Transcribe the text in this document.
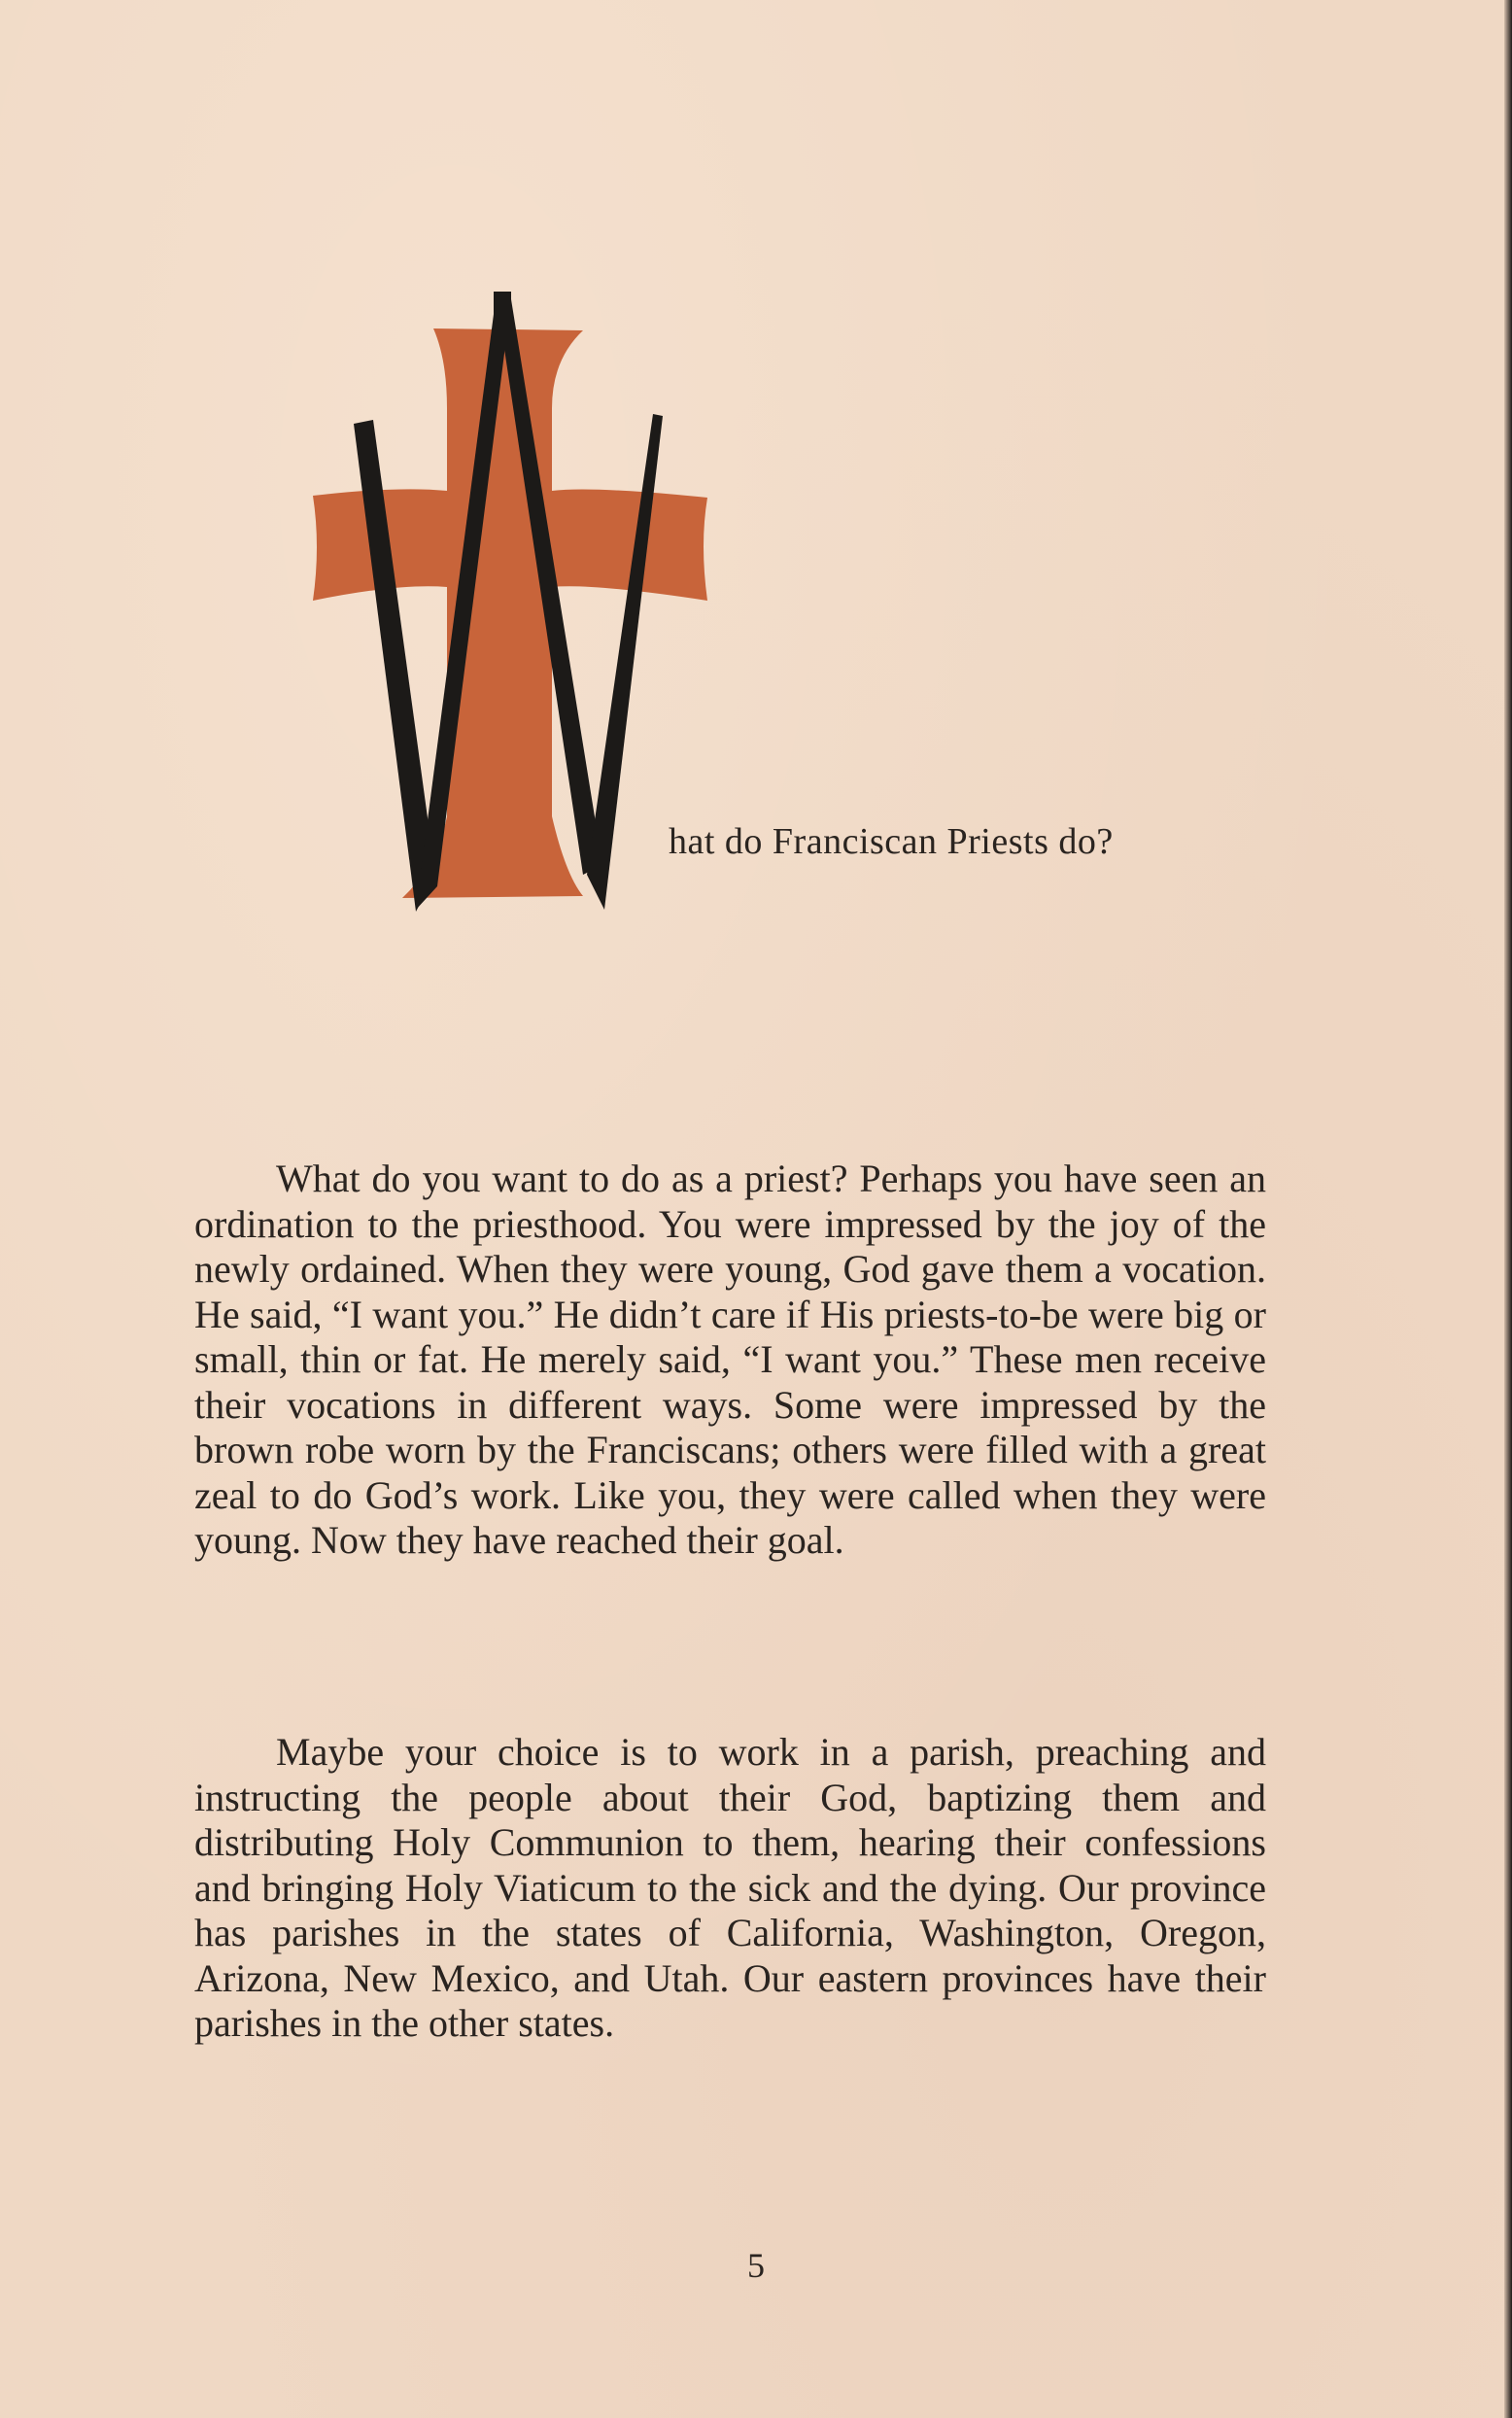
hat do Franciscan Priests do?

What do you want to do as a priest? Perhaps you have seen an ordination to the priesthood. You were impressed by the joy of the newly ordained. When they were young, God gave them a vocation. He said, “I want you.” He didn’t care if His priests-to-be were big or small, thin or fat. He merely said, “I want you.” These men receive their vocations in different ways. Some were impressed by the brown robe worn by the Franciscans; others were filled with a great zeal to do God’s work. Like you, they were called when they were young. Now they have reached their goal.

Maybe your choice is to work in a parish, preaching and instructing the people about their God, baptizing them and distributing Holy Communion to them, hearing their confessions and bringing Holy Viaticum to the sick and the dying. Our province has parishes in the states of California, Washington, Oregon, Arizona, New Mexico, and Utah. Our eastern provinces have their parishes in the other states.

5
